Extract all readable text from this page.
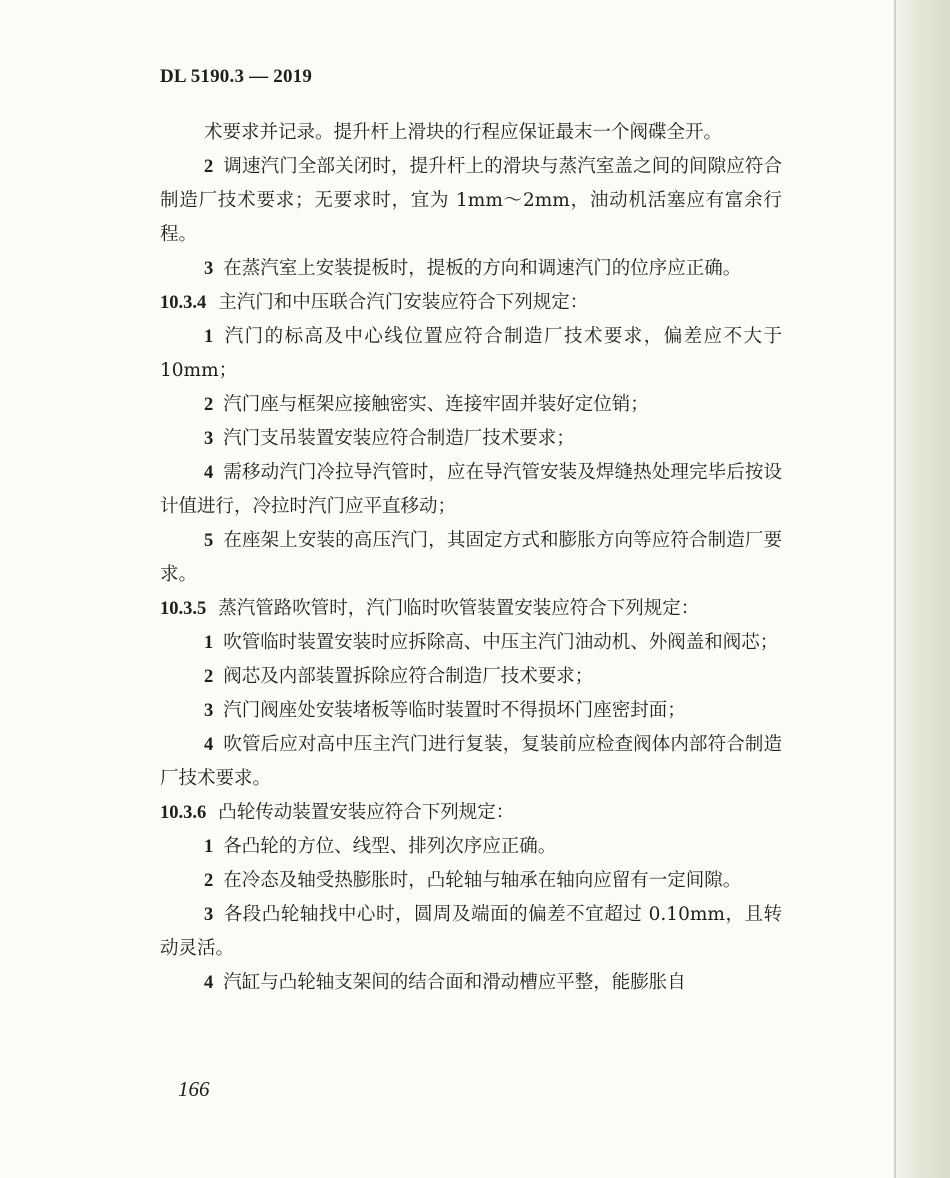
DL 5190.3 — 2019

术要求并记录。提升杆上滑块的行程应保证最末一个阀碟全开。

2 调速汽门全部关闭时，提升杆上的滑块与蒸汽室盖之间的间隙应符合制造厂技术要求；无要求时，宜为 1mm～2mm，油动机活塞应有富余行程。

3 在蒸汽室上安装提板时，提板的方向和调速汽门的位序应正确。

10.3.4 主汽门和中压联合汽门安装应符合下列规定：

1 汽门的标高及中心线位置应符合制造厂技术要求，偏差应不大于 10mm；

2 汽门座与框架应接触密实、连接牢固并装好定位销；

3 汽门支吊装置安装应符合制造厂技术要求；

4 需移动汽门冷拉导汽管时，应在导汽管安装及焊缝热处理完毕后按设计值进行，冷拉时汽门应平直移动；

5 在座架上安装的高压汽门，其固定方式和膨胀方向等应符合制造厂要求。

10.3.5 蒸汽管路吹管时，汽门临时吹管装置安装应符合下列规定：

1 吹管临时装置安装时应拆除高、中压主汽门油动机、外阀盖和阀芯；

2 阀芯及内部装置拆除应符合制造厂技术要求；

3 汽门阀座处安装堵板等临时装置时不得损坏门座密封面；

4 吹管后应对高中压主汽门进行复装，复装前应检查阀体内部符合制造厂技术要求。

10.3.6 凸轮传动装置安装应符合下列规定：

1 各凸轮的方位、线型、排列次序应正确。

2 在冷态及轴受热膨胀时，凸轮轴与轴承在轴向应留有一定间隙。

3 各段凸轮轴找中心时，圆周及端面的偏差不宜超过 0.10mm，且转动灵活。

4 汽缸与凸轮轴支架间的结合面和滑动槽应平整，能膨胀自

166
